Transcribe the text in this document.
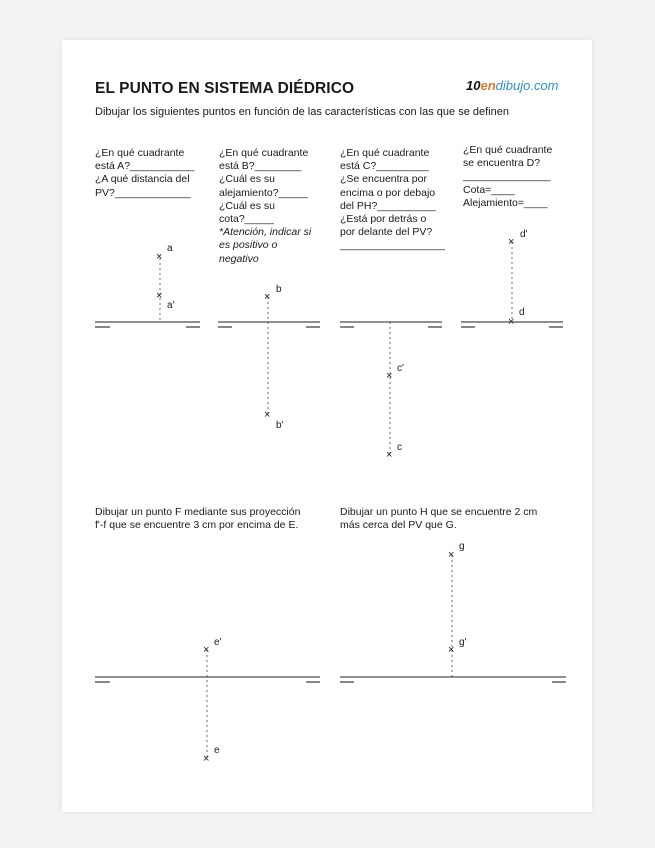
EL PUNTO EN SISTEMA DIÉDRICO	10endibujo.com
Dibujar los siguientes puntos en función de las características con las que se definen
¿En qué cuadrante
está A?___________
¿A qué distancia del
PV?_____________
¿En qué cuadrante
está B?________
¿Cuál es su
alejamiento?_____
¿Cuál es su
cota?_____
*Atención, indicar si
es positivo o
negativo
¿En qué cuadrante
está C?_________
¿Se encuentra por
encima o por debajo
del PH?__________
¿Está por detrás o
por delante del PV?
__________________
¿En qué cuadrante
se encuentra D?
_______________
Cota=____
Alejamiento=____
Dibujar un punto F mediante sus proyección
f'-f que se encuentre 3 cm por encima de E.
Dibujar un punto H que se encuentre 2 cm
más cerca del PV que G.
×
a
×
a'
×
b
×
b'
×
c'
×
c
×
d'
×
d
×
e'
×
e
×
g
×
g'
